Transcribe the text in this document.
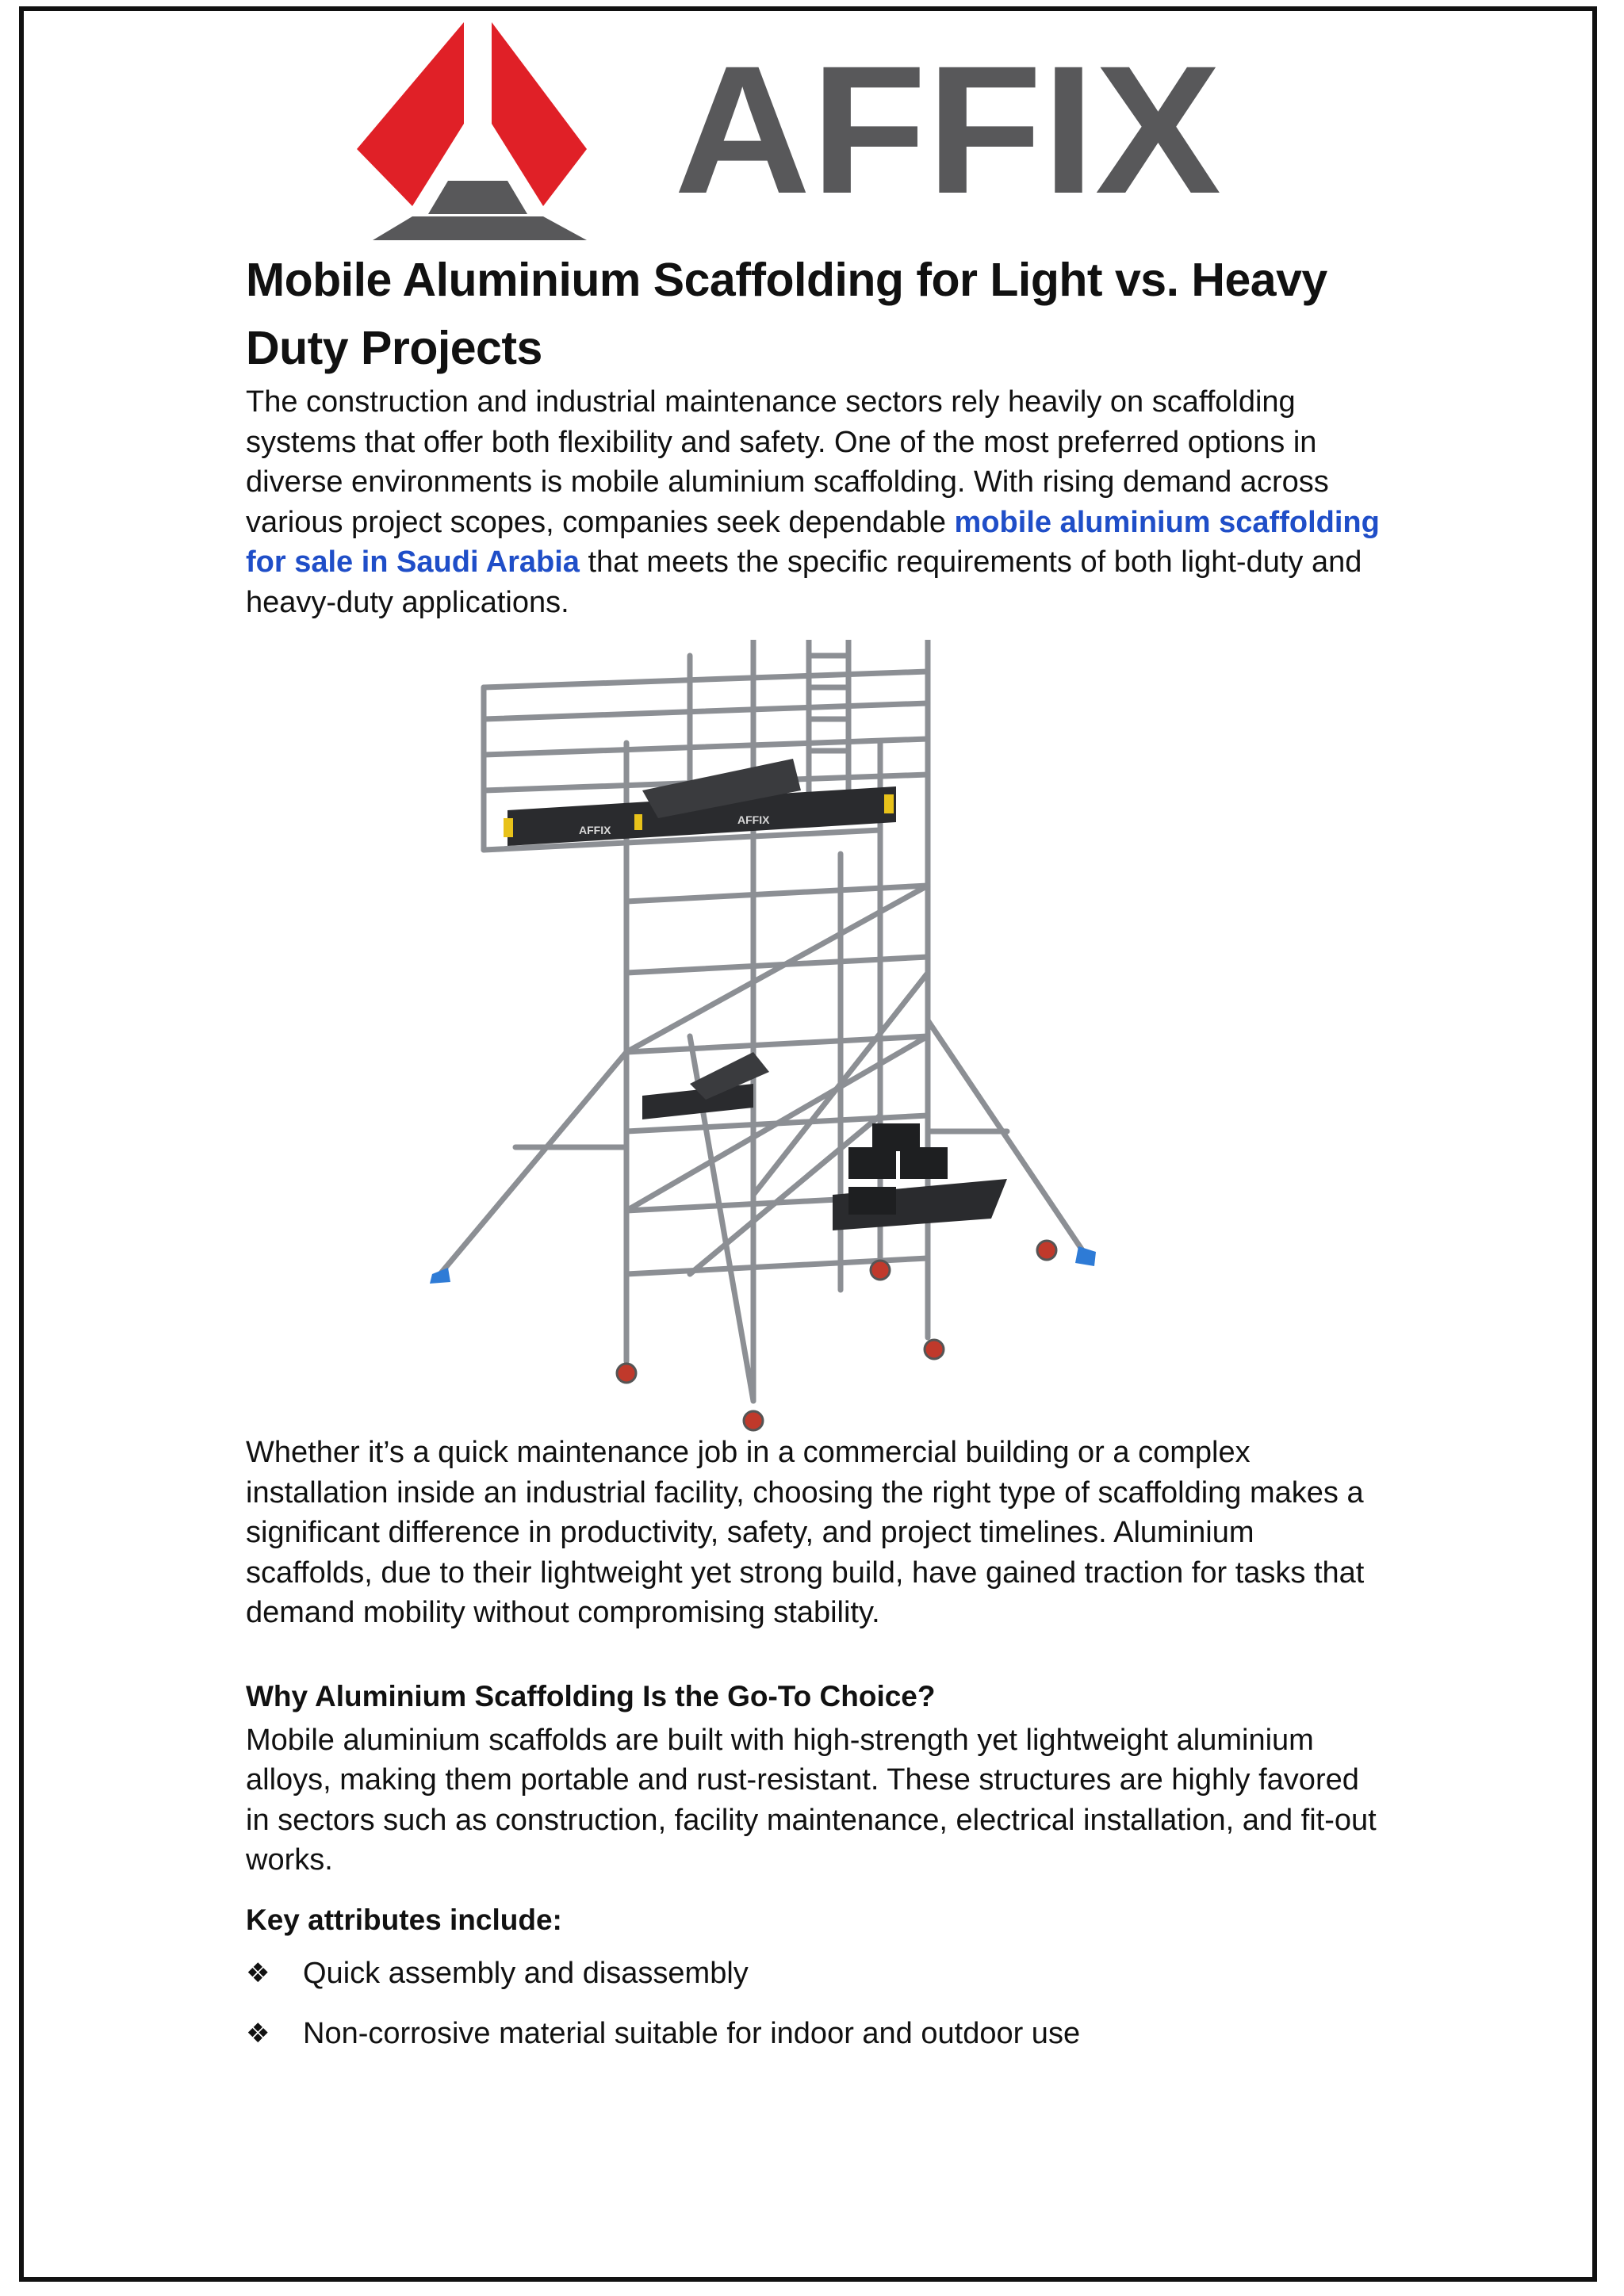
AFFIX
Mobile Aluminium Scaffolding for Light vs. Heavy Duty Projects

The construction and industrial maintenance sectors rely heavily on scaffolding systems that offer both flexibility and safety. One of the most preferred options in diverse environments is mobile aluminium scaffolding. With rising demand across various project scopes, companies seek dependable mobile aluminium scaffolding for sale in Saudi Arabia that meets the specific requirements of both light-duty and heavy-duty applications.

AFFIX
AFFIX

Whether it’s a quick maintenance job in a commercial building or a complex installation inside an industrial facility, choosing the right type of scaffolding makes a significant difference in productivity, safety, and project timelines. Aluminium scaffolds, due to their lightweight yet strong build, have gained traction for tasks that demand mobility without compromising stability.

Why Aluminium Scaffolding Is the Go-To Choice?

Mobile aluminium scaffolds are built with high-strength yet lightweight aluminium alloys, making them portable and rust-resistant. These structures are highly favored in sectors such as construction, facility maintenance, electrical installation, and fit-out works.

Key attributes include:

❖ Quick assembly and disassembly
❖ Non-corrosive material suitable for indoor and outdoor use
